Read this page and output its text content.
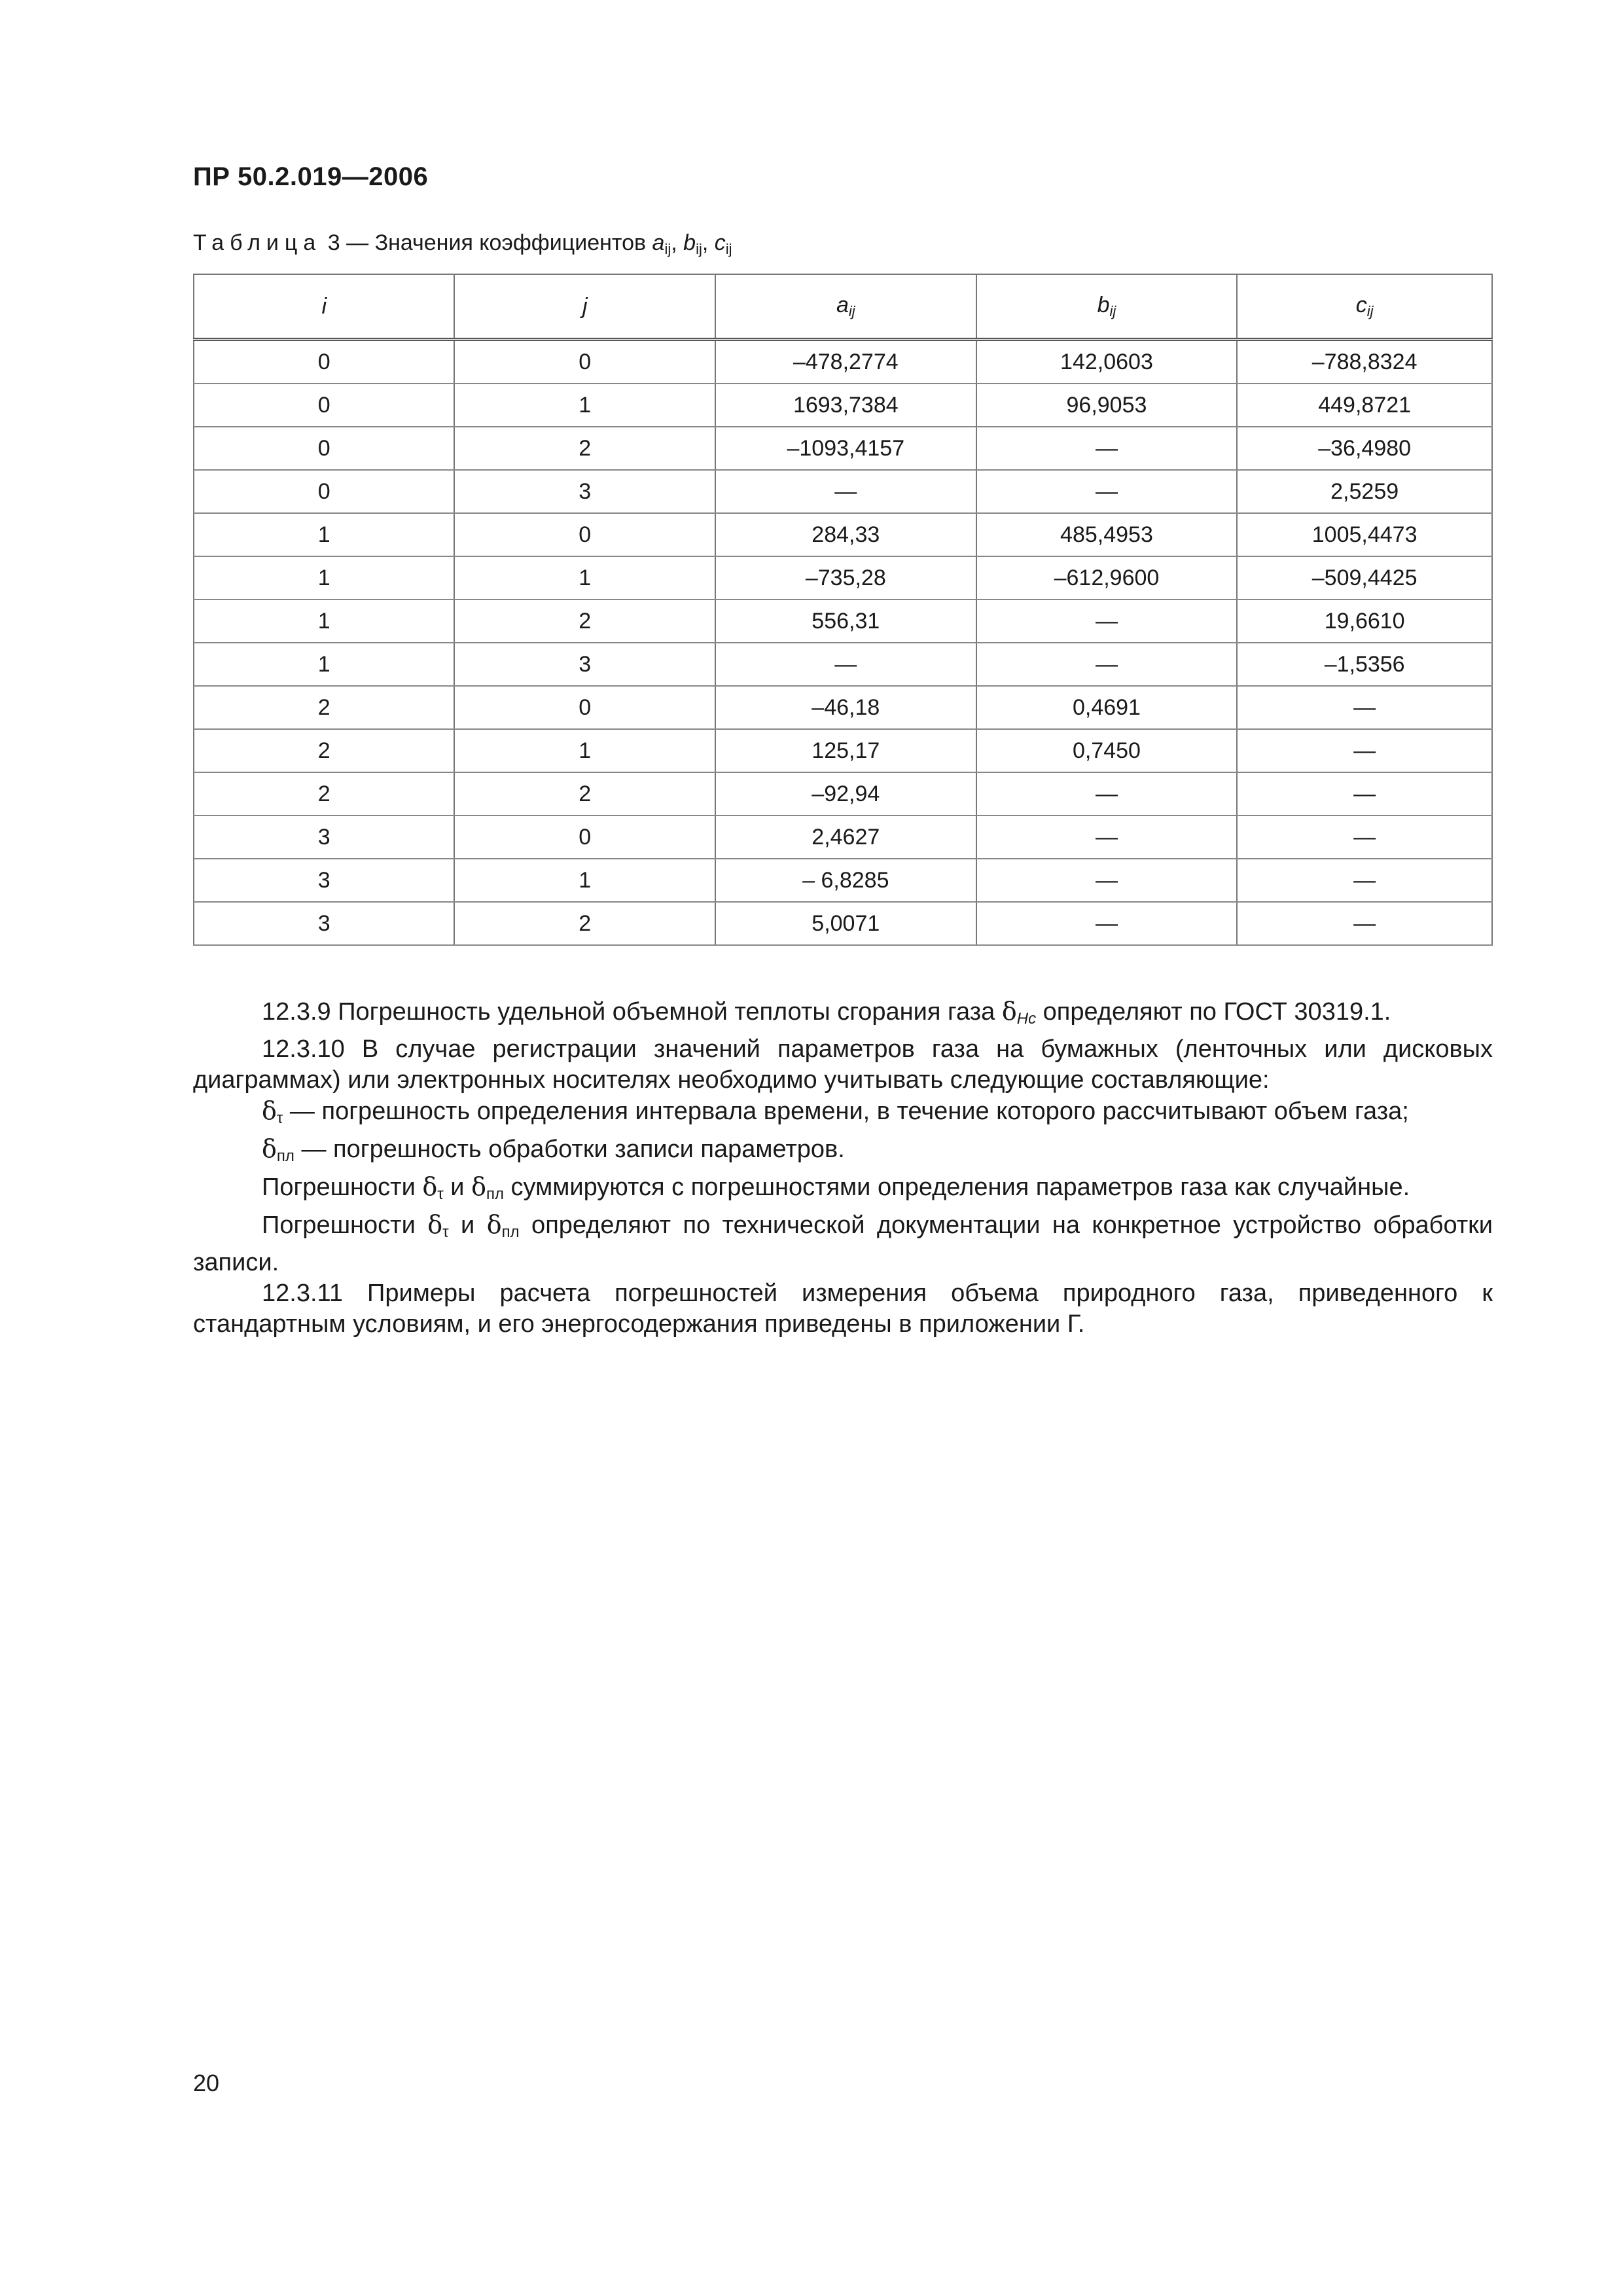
ПР 50.2.019—2006
Таблица 3 — Значения коэффициентов $a_{ij}$, $b_{ij}$, $c_{ij}$
i	j	$a_{ij}$	$b_{ij}$	$c_{ij}$
0	0	–478,2774	142,0603	–788,8324
0	1	1693,7384	96,9053	449,8721
0	2	–1093,4157	—	–36,4980
0	3	—	—	2,5259
1	0	284,33	485,4953	1005,4473
1	1	–735,28	–612,9600	–509,4425
1	2	556,31	—	19,6610
1	3	—	—	–1,5356
2	0	–46,18	0,4691	—
2	1	125,17	0,7450	—
2	2	–92,94	—	—
3	0	2,4627	—	—
3	1	– 6,8285	—	—
3	2	5,0071	—	—

12.3.9 Погрешность удельной объемной теплоты сгорания газа $\delta_{Hc}$ определяют по ГОСТ 30319.1.

12.3.10 В случае регистрации значений параметров газа на бумажных (ленточных или дисковых диаграммах) или электронных носителях необходимо учитывать следующие составляющие:

$\delta_\tau$ — погрешность определения интервала времени, в течение которого рассчитывают объем газа;

$\delta_{пл}$ — погрешность обработки записи параметров.

Погрешности $\delta_\tau$ и $\delta_{пл}$ суммируются с погрешностями определения параметров газа как случайные.

Погрешности $\delta_\tau$ и $\delta_{пл}$ определяют по технической документации на конкретное устройство обработки записи.

12.3.11 Примеры расчета погрешностей измерения объема природного газа, приведенного к стандартным условиям, и его энергосодержания приведены в приложении Г.

20
